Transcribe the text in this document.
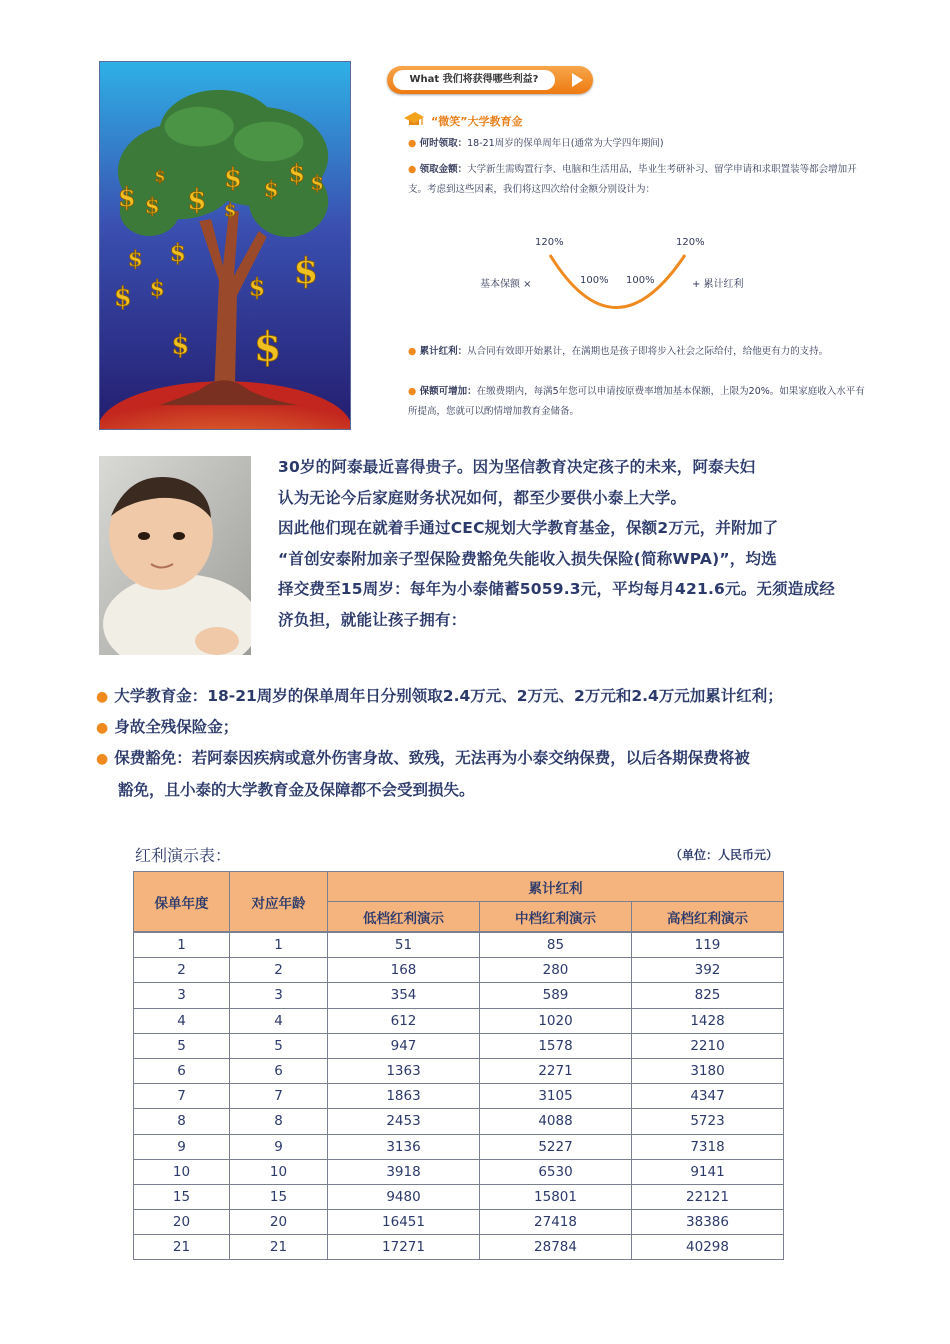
$ $ $
$ $
$ $
$
$
$ $
$ $
$ $
$
$
What 我们将获得哪些利益?
“微笑”大学教育金
● 何时领取：18-21周岁的保单周年日(通常为大学四年期间)
● 领取金额：大学新生需购置行李、电脑和生活用品，毕业生考研补习、留学申请和求职置装等都会增加开支。考虑到这些因素，我们将这四次给付金额分别设计为：
120%	120%
基本保额 ×	100% 100%	+ 累计红利
● 累计红利：从合同有效即开始累计，在满期也是孩子即将步入社会之际给付，给他更有力的支持。
● 保额可增加：在缴费期内，每满5年您可以申请按原费率增加基本保额，上限为20%。如果家庭收入水平有所提高，您就可以酌情增加教育金储备。
30岁的阿泰最近喜得贵子。因为坚信教育决定孩子的未来，阿泰夫妇
认为无论今后家庭财务状况如何，都至少要供小泰上大学。
因此他们现在就着手通过CEC规划大学教育基金，保额2万元，并附加了
“首创安泰附加亲子型保险费豁免失能收入损失保险(简称WPA)”，均选
择交费至15周岁：每年为小泰储蓄5059.3元，平均每月421.6元。无须造成经
济负担，就能让孩子拥有：
● 大学教育金：18-21周岁的保单周年日分别领取2.4万元、2万元、2万元和2.4万元加累计红利；
● 身故全残保险金；
● 保费豁免：若阿泰因疾病或意外伤害身故、致残，无法再为小泰交纳保费，以后各期保费将被
豁免，且小泰的大学教育金及保障都不会受到损失。
红利演示表：	（单位：人民币元）
保单年度	对应年龄	累计红利		
		低档红利演示	中档红利演示	高档红利演示
1	1	51	85	119
2	2	168	280	392
3	3	354	589	825
4	4	612	1020	1428
5	5	947	1578	2210
6	6	1363	2271	3180
7	7	1863	3105	4347
8	8	2453	4088	5723
9	9	3136	5227	7318
10	10	3918	6530	9141
15	15	9480	15801	22121
20	20	16451	27418	38386
21	21	17271	28784	40298
